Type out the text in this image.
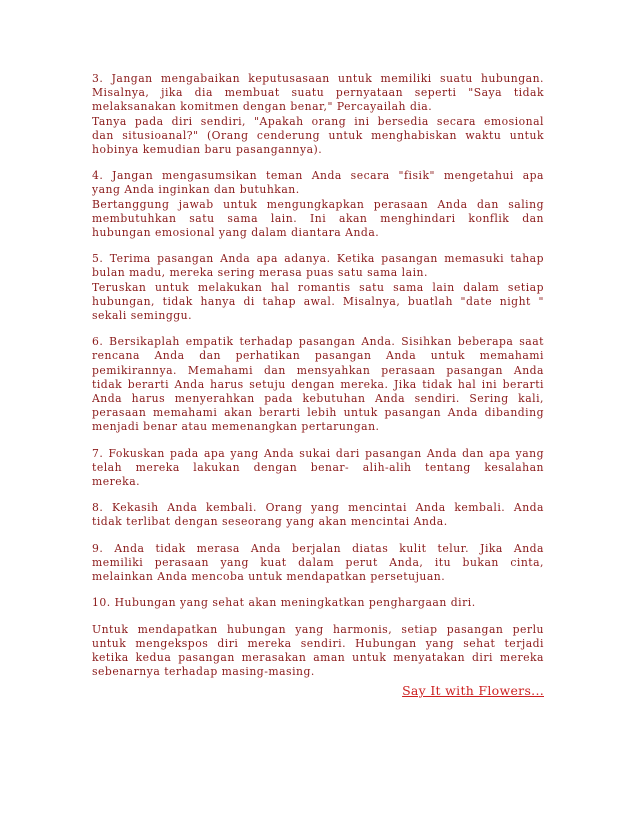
3. Jangan mengabaikan keputusasaan untuk memiliki suatu hubungan.
Misalnya, jika dia membuat suatu pernyataan seperti "Saya tidak
melaksanakan komitmen dengan benar," Percayailah dia.
Tanya pada diri sendiri, "Apakah orang ini bersedia secara emosional
dan situsioanal?" (Orang cenderung untuk menghabiskan waktu untuk
hobinya kemudian baru pasangannya).
4. Jangan mengasumsikan teman Anda secara "fisik" mengetahui apa
yang Anda inginkan dan butuhkan.
Bertanggung jawab untuk mengungkapkan perasaan Anda dan saling
membutuhkan satu sama lain. Ini akan menghindari konflik dan
hubungan emosional yang dalam diantara Anda.
5. Terima pasangan Anda apa adanya. Ketika pasangan memasuki tahap
bulan madu, mereka sering merasa puas satu sama lain.
Teruskan untuk melakukan hal romantis satu sama lain dalam setiap
hubungan, tidak hanya di tahap awal. Misalnya, buatlah "date night "
sekali seminggu.
6. Bersikaplah empatik terhadap pasangan Anda. Sisihkan beberapa saat
rencana Anda dan perhatikan pasangan Anda untuk memahami
pemikirannya. Memahami dan mensyahkan perasaan pasangan Anda
tidak berarti Anda harus setuju dengan mereka. Jika tidak hal ini berarti
Anda harus menyerahkan pada kebutuhan Anda sendiri. Sering kali,
perasaan memahami akan berarti lebih untuk pasangan Anda dibanding
menjadi benar atau memenangkan pertarungan.
7. Fokuskan pada apa yang Anda sukai dari pasangan Anda dan apa yang
telah mereka lakukan dengan benar- alih-alih tentang kesalahan
mereka.
8. Kekasih Anda kembali. Orang yang mencintai Anda kembali. Anda
tidak terlibat dengan seseorang yang akan mencintai Anda.
9. Anda tidak merasa Anda berjalan diatas kulit telur. Jika Anda
memiliki perasaan yang kuat dalam perut Anda, itu bukan cinta,
melainkan Anda mencoba untuk mendapatkan persetujuan.
10. Hubungan yang sehat akan meningkatkan penghargaan diri.
Untuk mendapatkan hubungan yang harmonis, setiap pasangan perlu
untuk mengekspos diri mereka sendiri. Hubungan yang sehat terjadi
ketika kedua pasangan merasakan aman untuk menyatakan diri mereka
sebenarnya terhadap masing-masing.
Say It with Flowers...
